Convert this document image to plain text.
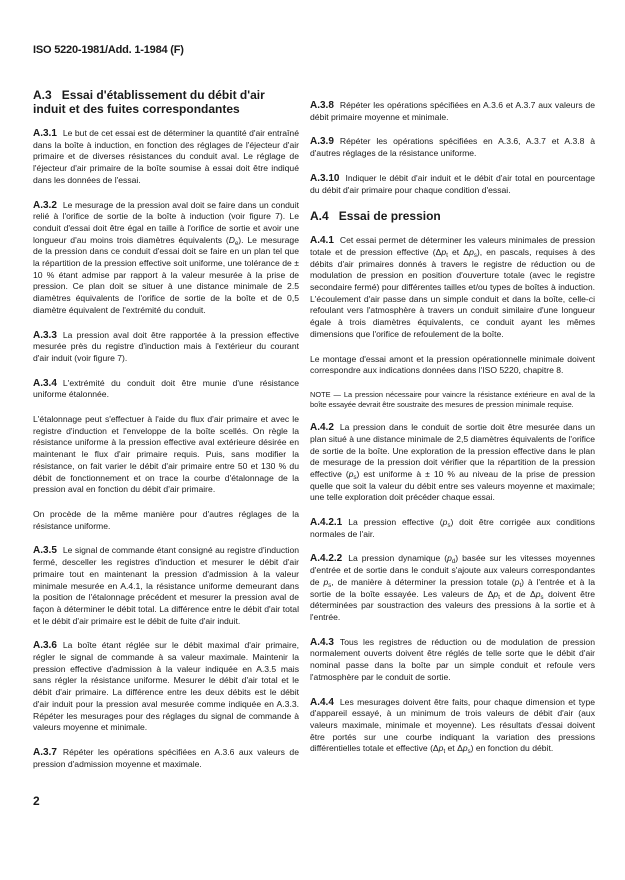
ISO 5220-1981/Add. 1-1984 (F)
A.3 Essai d'établissement du débit d'air induit et des fuites correspondantes
A.3.1 Le but de cet essai est de déterminer la quantité d'air entraîné dans la boîte à induction, en fonction des réglages de l'éjecteur d'air primaire et de diverses résistances du conduit aval. Le réglage de l'éjecteur d'air primaire de la boîte soumise à essai doit être indiqué dans les données de l'essai.
A.3.2 Le mesurage de la pression aval doit se faire dans un conduit relié à l'orifice de sortie de la boîte à induction (voir figure 7). Le conduit d'essai doit être égal en taille à l'orifice de sortie et avoir une longueur d'au moins trois diamètres équivalents $(D_e)$. Le mesurage de la pression dans ce conduit d'essai doit se faire en un plan tel que la répartition de la pression effective soit uniforme, une tolérance de ± 10 % étant admise par rapport à la valeur mesurée à la prise de pression. Ce plan doit se situer à une distance minimale de 2.5 diamètres équivalents de l'orifice de sortie de la boîte et de 0,5 diamètre équivalent de l'extrémité du conduit.
A.3.3 La pression aval doit être rapportée à la pression effective mesurée près du registre d'induction mais à l'extérieur du courant d'air induit (voir figure 7).
A.3.4 L'extrémité du conduit doit être munie d'une résistance uniforme étalonnée.
L'étalonnage peut s'effectuer à l'aide du flux d'air primaire et avec le registre d'induction et l'enveloppe de la boîte scellés. On règle la résistance uniforme à la pression effective aval extérieure désirée en maintenant le flux d'air primaire requis. Puis, sans modifier la résistance, on fait varier le débit d'air primaire entre 50 et 130 % du débit de fonctionnement et on trace la courbe d'étalonnage de la pression aval en fonction du débit d'air primaire.
On procède de la même manière pour d'autres réglages de la résistance uniforme.
A.3.5 Le signal de commande étant consigné au registre d'induction fermé, desceller les registres d'induction et mesurer le débit d'air primaire tout en maintenant la pression d'admission à la valeur minimale mesurée en A.4.1, la résistance uniforme demeurant dans la position de l'étalonnage précédent et mesurer la pression aval de façon à déterminer le débit total. La différence entre le débit d'air total et le débit d'air primaire est le débit de fuite d'air induit.
A.3.6 La boîte étant réglée sur le débit maximal d'air primaire, régler le signal de commande à sa valeur maximale. Maintenir la pression effective d'admission à la valeur indiquée en A.3.5 mais sans régler la résistance uniforme. Mesurer le débit d'air total et le débit d'air primaire. La différence entre les deux débits est le débit d'air induit pour la pression aval mesurée comme indiquée en A.3.3. Répéter les mesurages pour des réglages du signal de commande à valeurs moyenne et minimale.
A.3.7 Répéter les opérations spécifiées en A.3.6 aux valeurs de pression d'admission moyenne et maximale.
2
A.3.8 Répéter les opérations spécifiées en A.3.6 et A.3.7 aux valeurs de débit primaire moyenne et minimale.
A.3.9 Répéter les opérations spécifiées en A.3.6, A.3.7 et A.3.8 à d'autres réglages de la résistance uniforme.
A.3.10 Indiquer le débit d'air induit et le débit d'air total en pourcentage du débit d'air primaire pour chaque condition d'essai.
A.4 Essai de pression
A.4.1 Cet essai permet de déterminer les valeurs minimales de pression totale et de pression effective ($\Delta p_t$ et $\Delta p_s$), en pascals, requises à des débits d'air primaires donnés à travers le registre de réduction ou de modulation de pression en position d'ouverture totale (avec le registre secondaire fermé) pour différentes tailles et/ou types de boîtes à induction. L'écoulement d'air passe dans un simple conduit et dans la boîte, celle-ci refoulant vers l'atmosphère à travers un conduit similaire d'une longueur égale à trois diamètres équivalents, ce conduit ayant les mêmes dimensions que l'orifice de refoulement de la boîte.
Le montage d'essai amont et la pression opérationnelle minimale doivent correspondre aux indications données dans l'ISO 5220, chapitre 8.
NOTE — La pression nécessaire pour vaincre la résistance extérieure en aval de la boîte essayée devrait être soustraite des mesures de pression minimale requise.
A.4.2 La pression dans le conduit de sortie doit être mesurée dans un plan situé à une distance minimale de 2,5 diamètres équivalents de l'orifice de sortie de la boîte. Une exploration de la pression effective dans le plan de mesurage de la pression doit vérifier que la répartition de la pression effective $(p_s)$ est uniforme à ± 10 % au niveau de la prise de pression quelle que soit la valeur du débit entre ses valeurs moyenne et maximale; une telle exploration doit précéder chaque essai.
A.4.2.1 La pression effective $(p_s)$ doit être corrigée aux conditions normales de l'air.
A.4.2.2 La pression dynamique $(p_d)$ basée sur les vitesses moyennes d'entrée et de sortie dans le conduit s'ajoute aux valeurs correspondantes de $p_s$, de manière à déterminer la pression totale $(p_t)$ à l'entrée et à la sortie de la boîte essayée. Les valeurs de $\Delta p_t$ et de $\Delta p_s$ doivent être déterminées par soustraction des valeurs des pressions à la sortie et à l'entrée.
A.4.3 Tous les registres de réduction ou de modulation de pression normalement ouverts doivent être réglés de telle sorte que le débit d'air nominal passe dans la boîte par un simple conduit et refoule vers l'atmosphère par le conduit de sortie.
A.4.4 Les mesurages doivent être faits, pour chaque dimension et type d'appareil essayé, à un minimum de trois valeurs de débit d'air (aux valeurs maximale, minimale et moyenne). Les résultats d'essai doivent être portés sur une courbe indiquant la variation des pressions différentielles totale et effective ($\Delta p_t$ et $\Delta p_s$) en fonction du débit.
